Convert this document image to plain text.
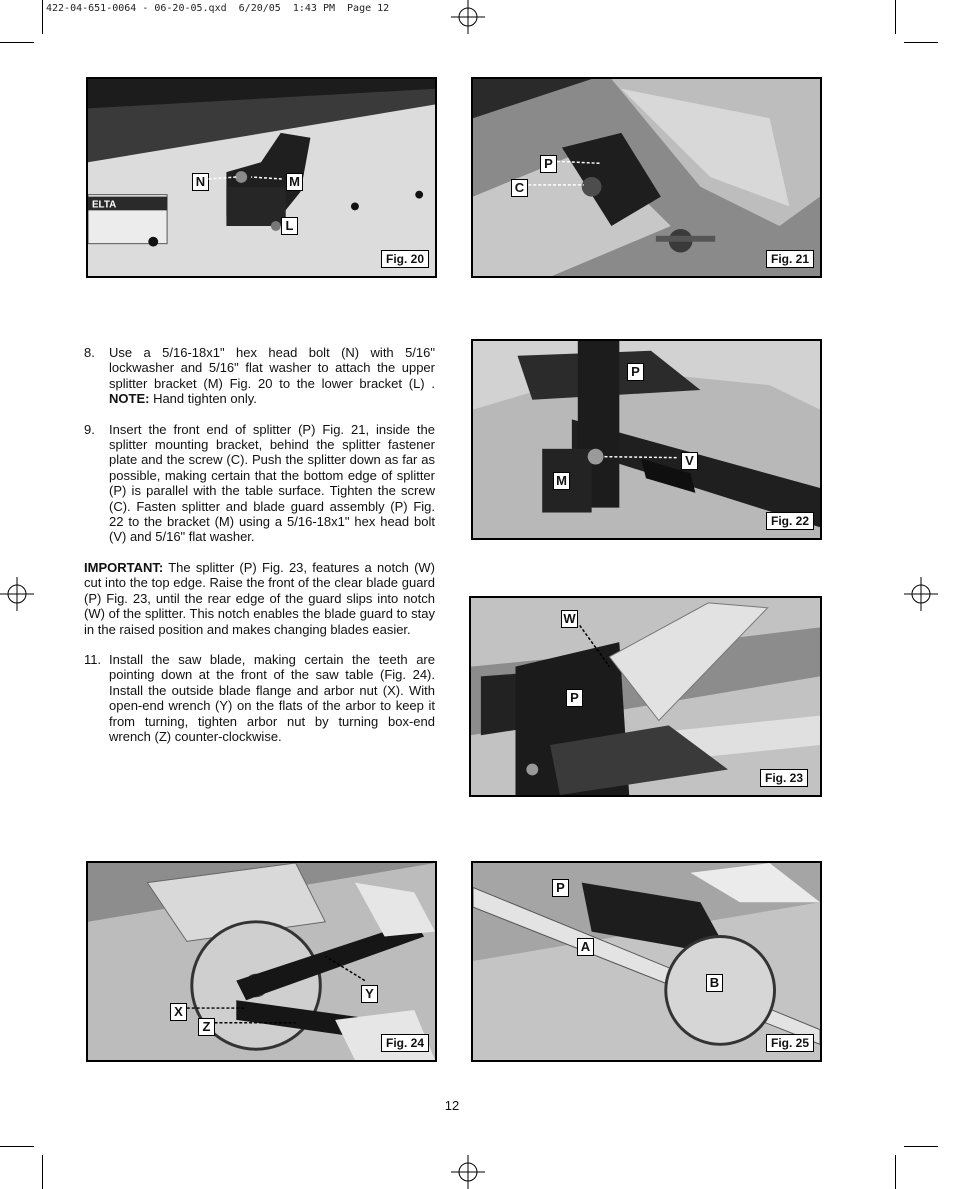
422-04-651-0064 - 06-20-05.qxd  6/20/05  1:43 PM  Page 12
ELTA
N	M
L
Fig. 20
P
C
Fig. 21
P
V
M
Fig. 22
W
P
Fig. 23
Y
X
Z
Fig. 24
P
A
B
Fig. 25
8. Use a 5/16-18x1" hex head bolt (N) with 5/16" lockwasher and 5/16" flat washer to attach the upper splitter bracket (M) Fig. 20 to the lower bracket (L) . NOTE: Hand tighten only.
9. Insert the front end of splitter (P) Fig. 21, inside the splitter mounting bracket, behind the splitter fastener plate and the screw (C). Push the splitter down as far as possible, making certain that the bottom edge of splitter (P) is parallel with the table surface. Tighten the screw (C). Fasten splitter and blade guard assembly (P) Fig. 22 to the bracket (M) using a 5/16-18x1" hex head bolt (V) and 5/16" flat washer.
IMPORTANT: The splitter (P) Fig. 23, features a notch (W) cut into the top edge. Raise the front of the clear blade guard (P) Fig. 23, until the rear edge of the guard slips into notch (W) of the splitter. This notch enables the blade guard to stay in the raised position and makes changing blades easier.
11. Install the saw blade, making certain the teeth are pointing down at the front of the saw table (Fig. 24). Install the outside blade flange and arbor nut (X). With open-end wrench (Y) on the flats of the arbor to keep it from turning, tighten arbor nut by turning box-end wrench (Z) counter-clockwise.
12
